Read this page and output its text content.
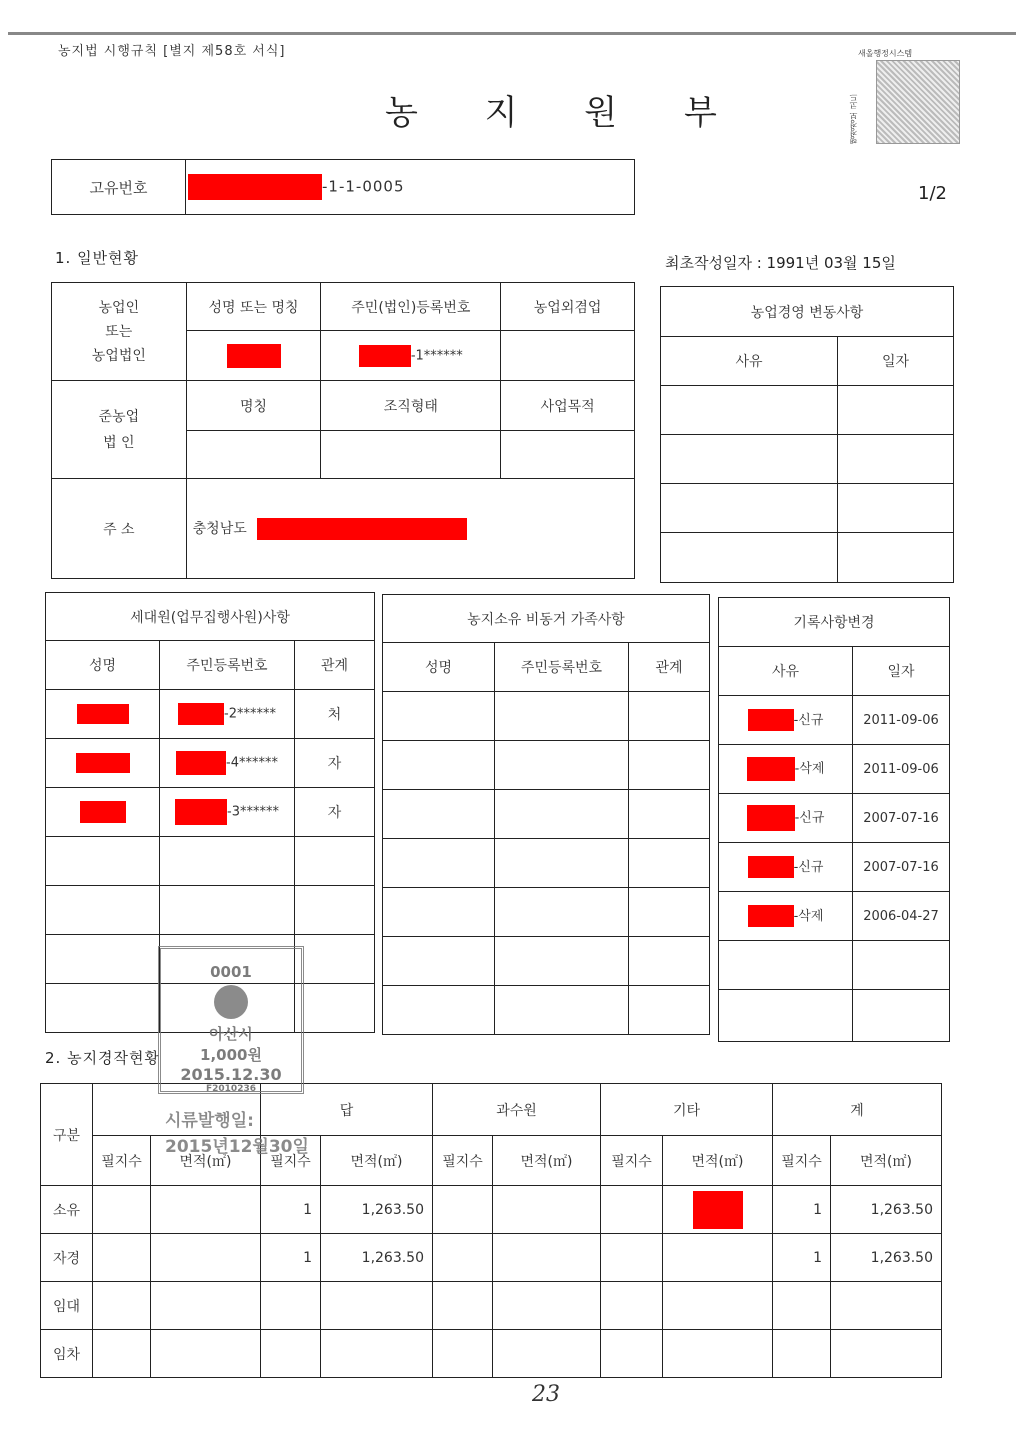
농지법 시행규칙 [별지 제58호 서식]
농 지 원 부
새올행정시스템
행정정보 코드
고유번호	-1-1-0005	1/2
1. 일반현황	최초작성일자 : 1991년 03월 15일
농업인
또는
농업법인	성명 또는 명칭	주민(법인)등록번호	농업외겸업
		-1******	
준농업
법 인	명칭	조직형태	사업목적

주 소	충청남도		
농업경영 변동사항	
사유	일자

세대원(업무집행사원)사항		
성명	주민등록번호	관계
	-2******	처
	-4******	자
	-3******	자

농지소유 비동거 가족사항		
성명	주민등록번호	관계

기록사항변경	
사유	일자
-신규	2011-09-06
-삭제	2011-09-06
-신규	2007-07-16
-신규	2007-07-16
-삭제	2006-04-27

2. 농지경작현황
구분			답		과수원		기타		계	
	필지수	면적(㎡)	필지수	면적(㎡)	필지수	면적(㎡)	필지수	면적(㎡)	필지수	면적(㎡)
소유			1	1,263.50					1	1,263.50
자경			1	1,263.50					1	1,263.50
임대										
임차										
0001
아산시
1,000원
2015.12.30
F2010236
시류발행일:
2015년12월30일
23
